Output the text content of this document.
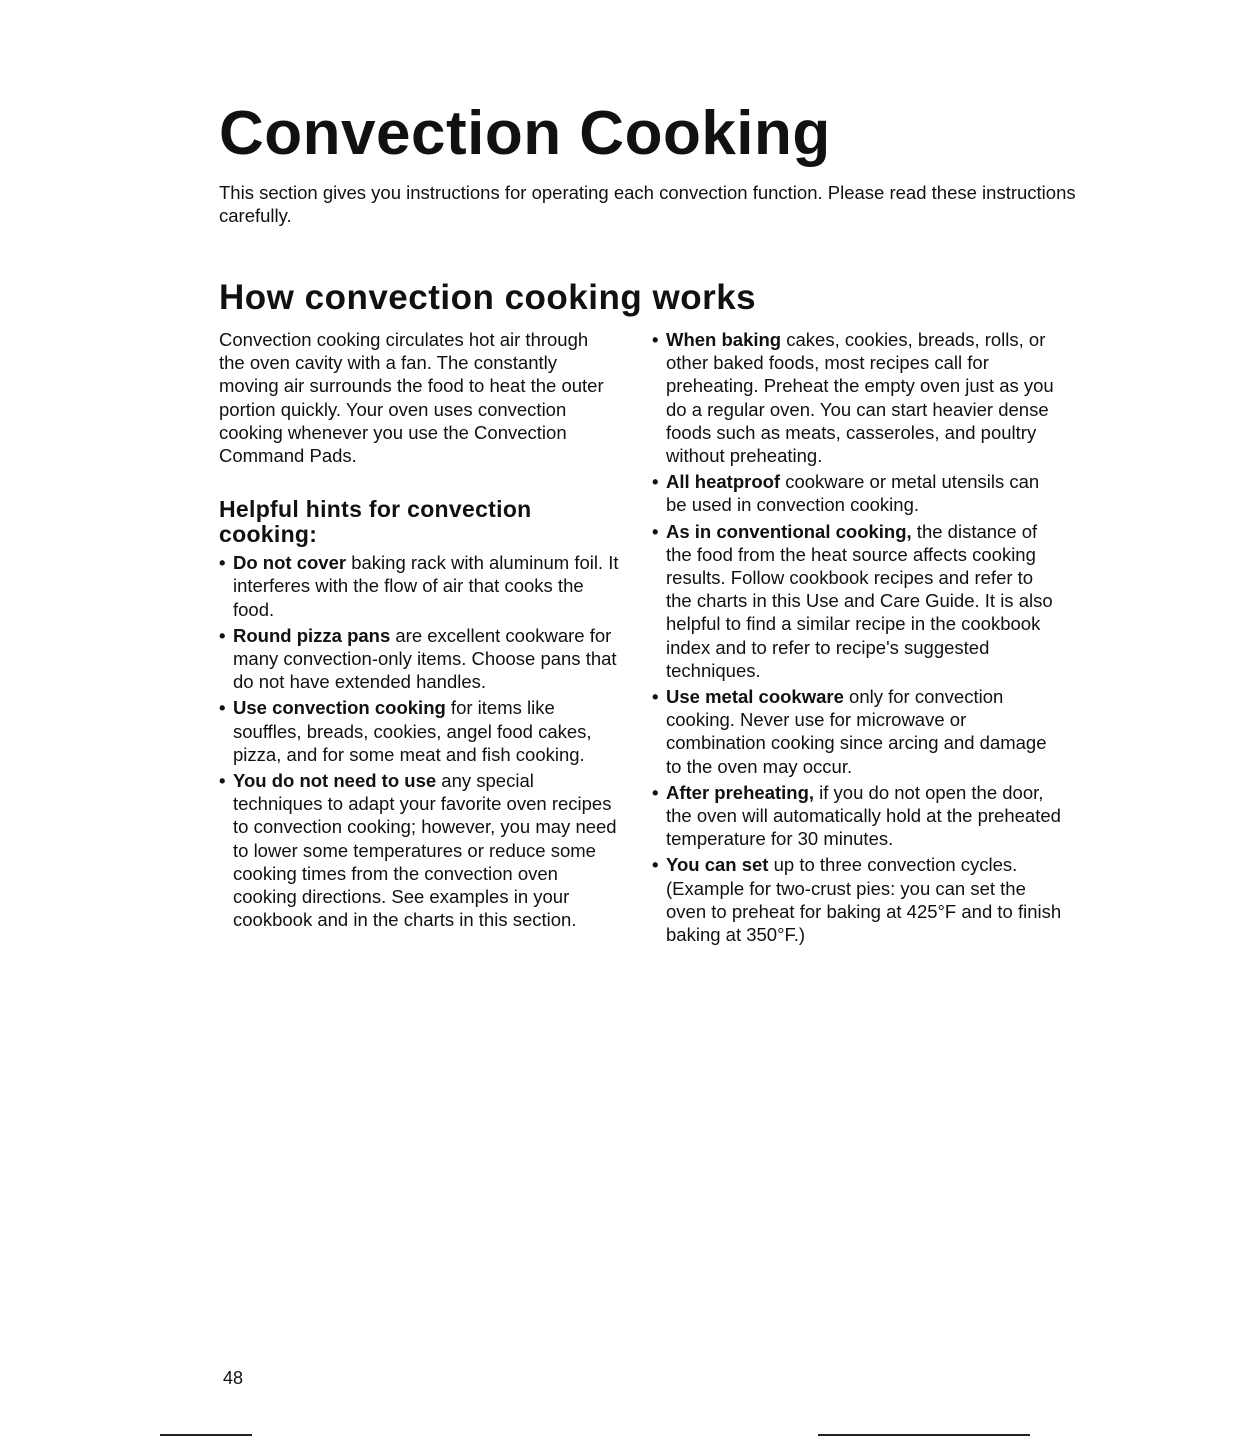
Convection Cooking

This section gives you instructions for operating each convection function. Please read these instructions carefully.

How convection cooking works

Convection cooking circulates hot air through the oven cavity with a fan. The constantly moving air surrounds the food to heat the outer portion quickly. Your oven uses convection cooking whenever you use the Convection Command Pads.

Helpful hints for convection cooking:
• Do not cover baking rack with aluminum foil. It interferes with the flow of air that cooks the food.
• Round pizza pans are excellent cookware for many convection-only items. Choose pans that do not have extended handles.
• Use convection cooking for items like souffles, breads, cookies, angel food cakes, pizza, and for some meat and fish cooking.
• You do not need to use any special techniques to adapt your favorite oven recipes to convection cooking; however, you may need to lower some temperatures or reduce some cooking times from the convection oven cooking directions. See examples in your cookbook and in the charts in this section.
• When baking cakes, cookies, breads, rolls, or other baked foods, most recipes call for preheating. Preheat the empty oven just as you do a regular oven. You can start heavier dense foods such as meats, casseroles, and poultry without preheating.
• All heatproof cookware or metal utensils can be used in convection cooking.
• As in conventional cooking, the distance of the food from the heat source affects cooking results. Follow cookbook recipes and refer to the charts in this Use and Care Guide. It is also helpful to find a similar recipe in the cookbook index and to refer to recipe's suggested techniques.
• Use metal cookware only for convection cooking. Never use for microwave or combination cooking since arcing and damage to the oven may occur.
• After preheating, if you do not open the door, the oven will automatically hold at the preheated temperature for 30 minutes.
• You can set up to three convection cycles. (Example for two-crust pies: you can set the oven to preheat for baking at 425°F and to finish baking at 350°F.)

48
